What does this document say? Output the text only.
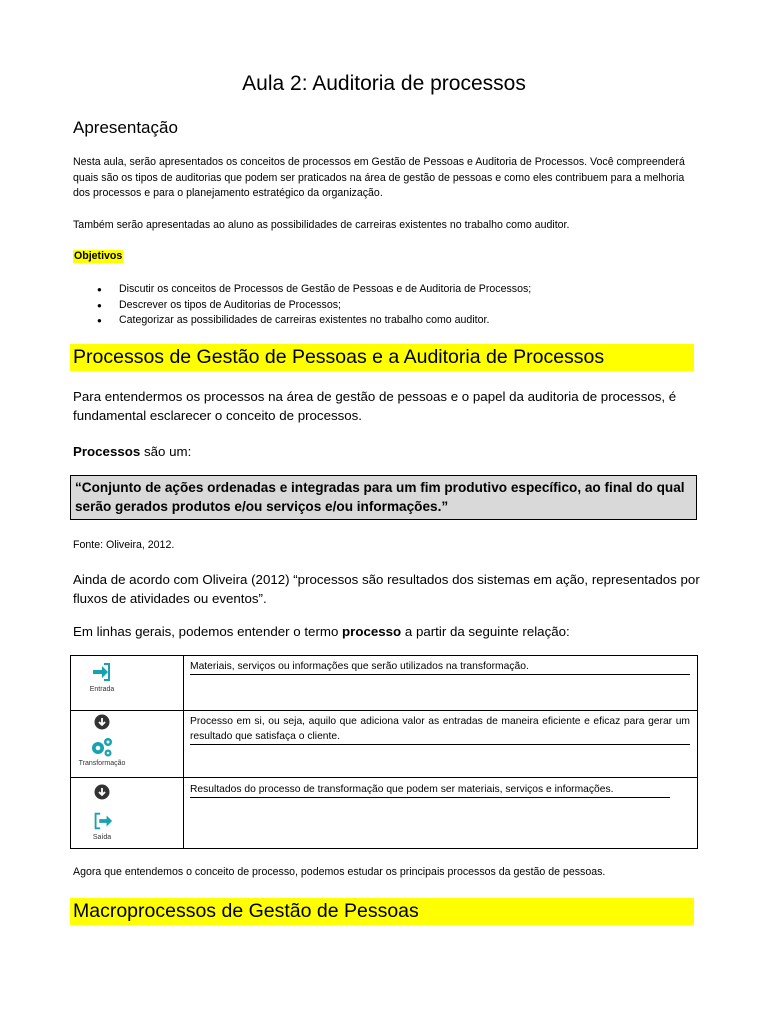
Aula 2: Auditoria de processos
Apresentação
Nesta aula, serão apresentados os conceitos de processos em Gestão de Pessoas e Auditoria de Processos. Você compreenderá quais são os tipos de auditorias que podem ser praticados na área de gestão de pessoas e como eles contribuem para a melhoria dos processos e para o planejamento estratégico da organização.
Também serão apresentadas ao aluno as possibilidades de carreiras existentes no trabalho como auditor.
Objetivos
● Discutir os conceitos de Processos de Gestão de Pessoas e de Auditoria de Processos;
● Descrever os tipos de Auditorias de Processos;
● Categorizar as possibilidades de carreiras existentes no trabalho como auditor.
Processos de Gestão de Pessoas e a Auditoria de Processos
Para entendermos os processos na área de gestão de pessoas e o papel da auditoria de processos, é fundamental esclarecer o conceito de processos.
Processos são um:
“Conjunto de ações ordenadas e integradas para um fim produtivo específico, ao final do qual serão gerados produtos e/ou serviços e/ou informações.”
Fonte: Oliveira, 2012.
Ainda de acordo com Oliveira (2012) “processos são resultados dos sistemas em ação, representados por fluxos de atividades ou eventos”.
Em linhas gerais, podemos entender o termo processo a partir da seguinte relação:
Entrada
Materiais, serviços ou informações que serão utilizados na transformação.
Transformação
Processo em si, ou seja, aquilo que adiciona valor as entradas de maneira eficiente e eficaz para gerar um resultado que satisfaça o cliente.
Saída
Resultados do processo de transformação que podem ser materiais, serviços e informações.
Agora que entendemos o conceito de processo, podemos estudar os principais processos da gestão de pessoas.
Macroprocessos de Gestão de Pessoas
